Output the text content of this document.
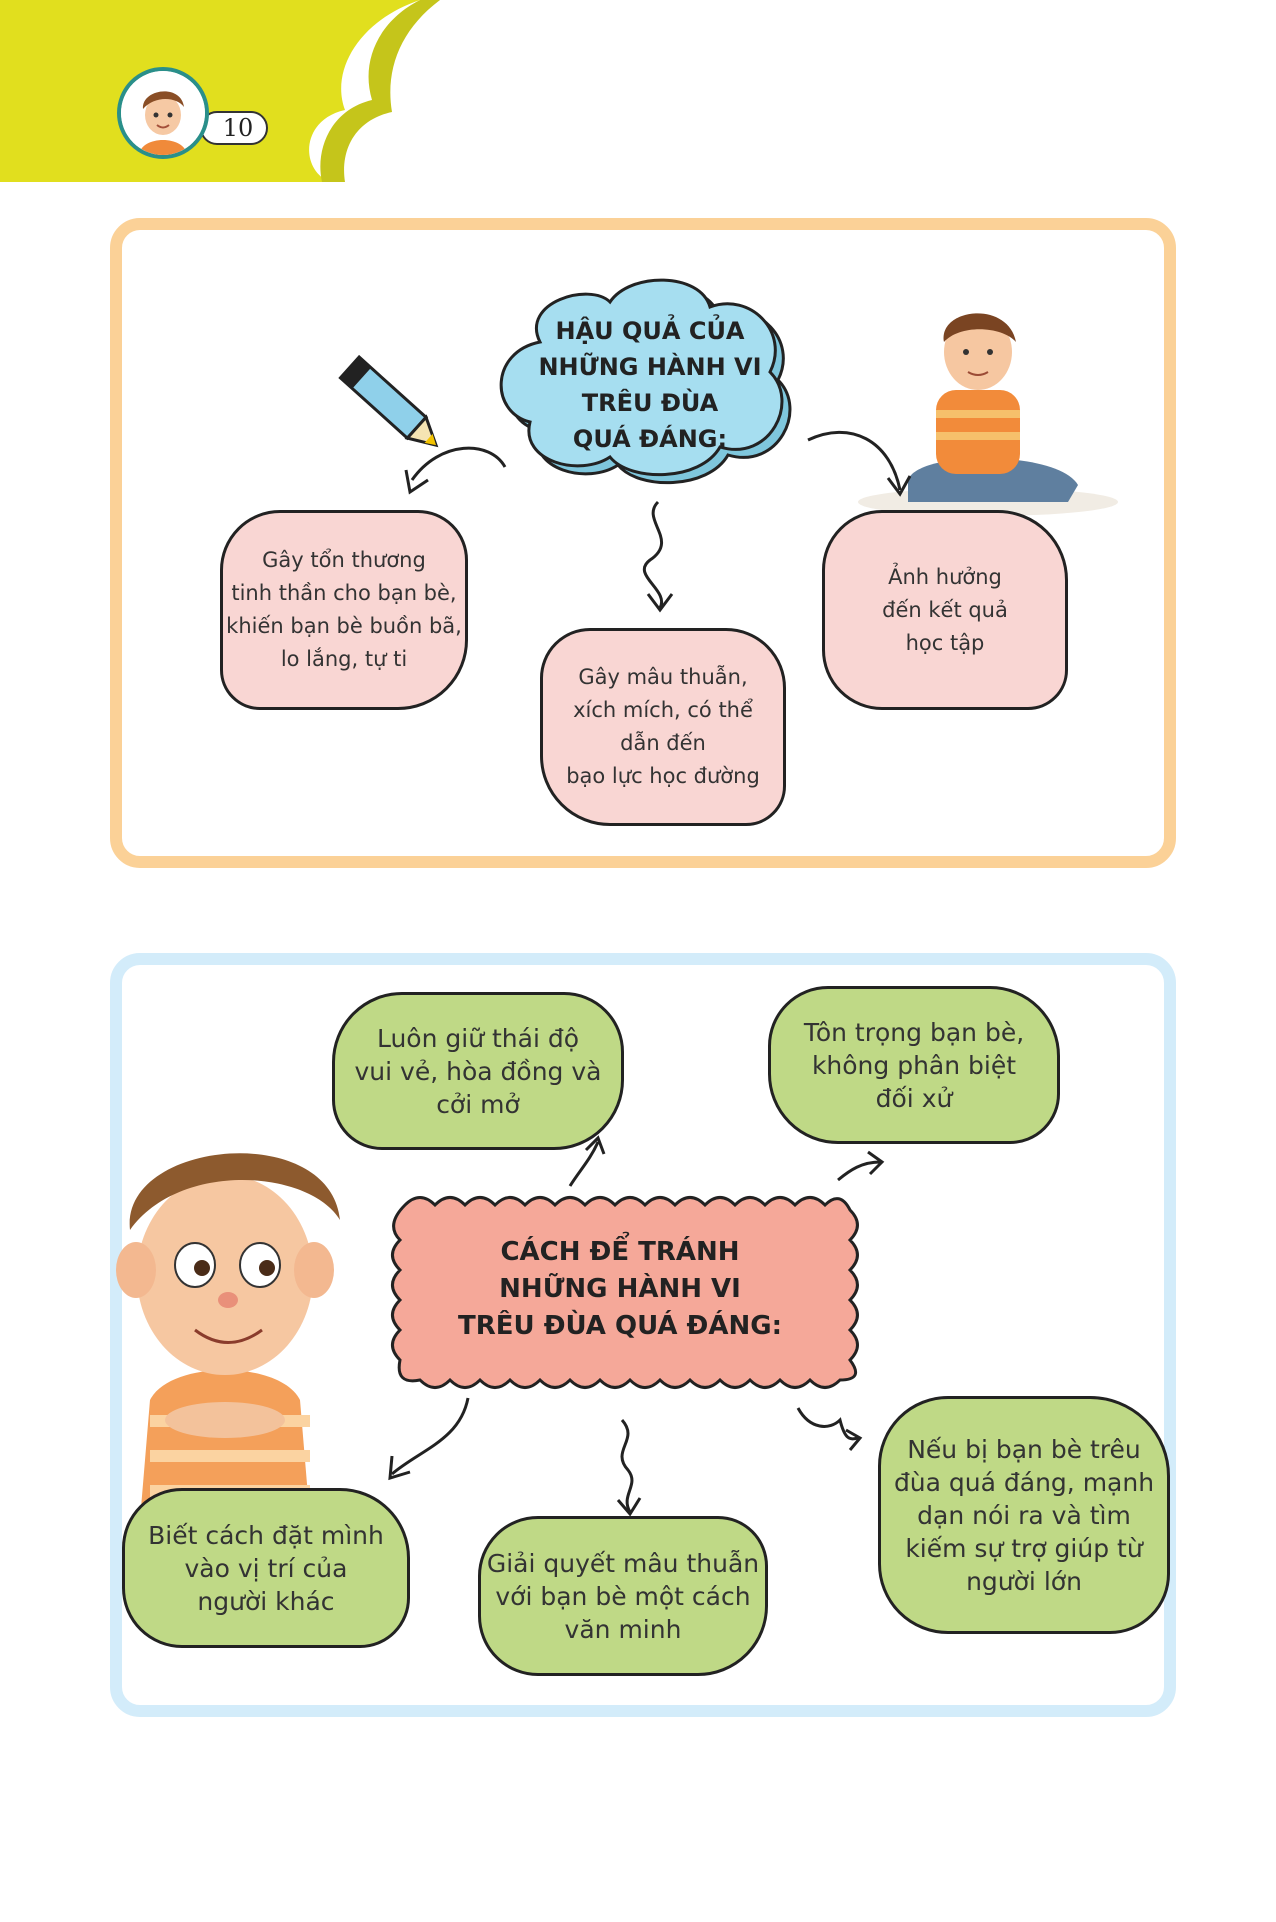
10
HẬU QUẢ CỦA
NHỮNG HÀNH VI
TRÊU ĐÙA
QUÁ ĐÁNG:
Gây tổn thương
tinh thần cho bạn bè,
khiến bạn bè buồn bã,
lo lắng, tự ti
Gây mâu thuẫn,
xích mích, có thể
dẫn đến
bạo lực học đường
Ảnh hưởng
đến kết quả
học tập
CÁCH ĐỂ TRÁNH
NHỮNG HÀNH VI
TRÊU ĐÙA QUÁ ĐÁNG:
Luôn giữ thái độ
vui vẻ, hòa đồng và
cởi mở
Tôn trọng bạn bè,
không phân biệt
đối xử
Biết cách đặt mình
vào vị trí của
người khác
Giải quyết mâu thuẫn
với bạn bè một cách
văn minh
Nếu bị bạn bè trêu
đùa quá đáng, mạnh
dạn nói ra và tìm
kiếm sự trợ giúp từ
người lớn
